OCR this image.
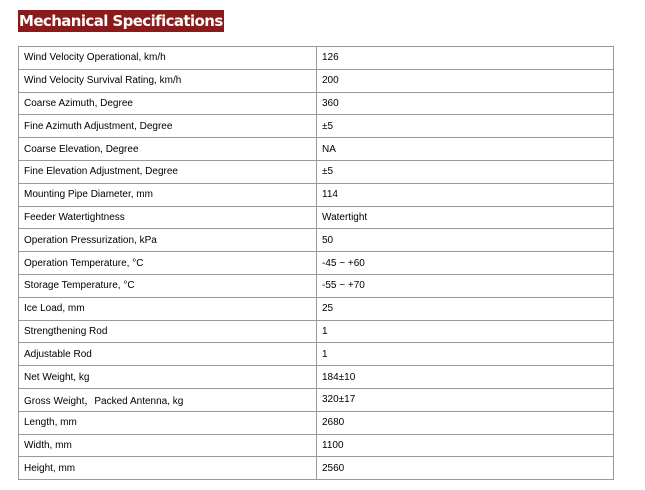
Mechanical Specifications
Wind Velocity Operational, km/h	126
Wind Velocity Survival Rating, km/h	200
Coarse Azimuth, Degree	360
Fine Azimuth Adjustment, Degree	±5
Coarse Elevation, Degree	NA
Fine Elevation Adjustment, Degree	±5
Mounting Pipe Diameter, mm	114
Feeder Watertightness	Watertight
Operation Pressurization, kPa	50
Operation Temperature, °C	-45 ~ +60
Storage Temperature, °C	-55 ~ +70
Ice Load, mm	25
Strengthening Rod	1
Adjustable Rod	1
Net Weight, kg	184±10
Gross Weight，Packed Antenna, kg	320±17
Length, mm	2680
Width, mm	1100
Height, mm	2560
